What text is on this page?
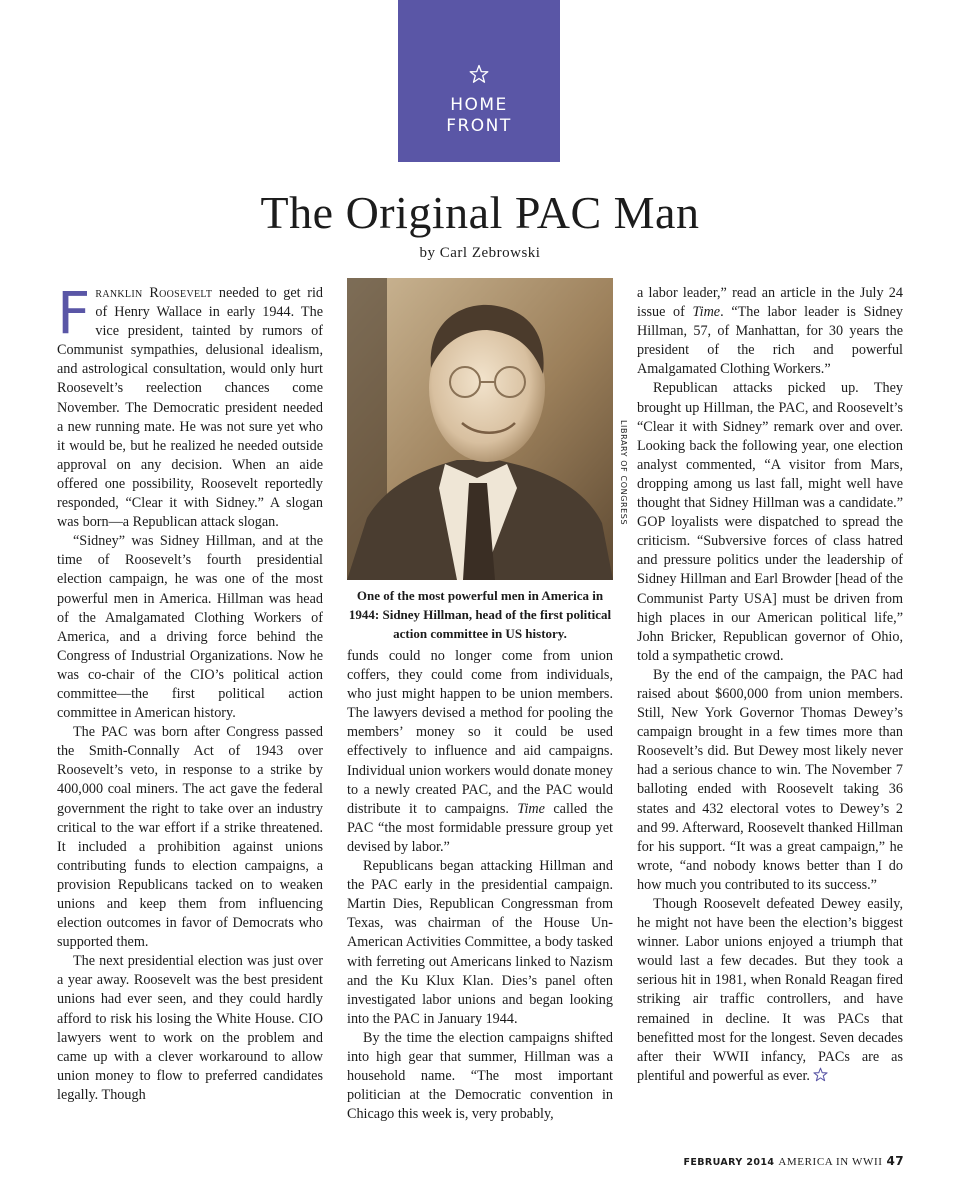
HOME
FRONT
The Original PAC Man
by Carl Zebrowski

Franklin Roosevelt needed to get rid of Henry Wallace in early 1944. The vice president, tainted by rumors of Communist sympathies, delusional idealism, and astrological consultation, would only hurt Roosevelt’s reelection chances come November. The Democratic president needed a new running mate. He was not sure yet who it would be, but he realized he needed outside approval on any decision. When an aide offered one possibility, Roosevelt reportedly responded, “Clear it with Sidney.” A slogan was born—a Republican attack slogan.

“Sidney” was Sidney Hillman, and at the time of Roosevelt’s fourth presidential election campaign, he was one of the most powerful men in America. Hillman was head of the Amalgamated Clothing Workers of America, and a driving force behind the Congress of Industrial Organizations. Now he was co-chair of the CIO’s political action committee—the first political action committee in American history.

The PAC was born after Congress passed the Smith-Connally Act of 1943 over Roosevelt’s veto, in response to a strike by 400,000 coal miners. The act gave the federal government the right to take over an industry critical to the war effort if a strike threatened. It included a prohibition against unions contributing funds to election campaigns, a provision Republicans tacked on to weaken unions and keep them from influencing election outcomes in favor of Democrats who supported them.

The next presidential election was just over a year away. Roosevelt was the best president unions had ever seen, and they could hardly afford to risk his losing the White House. CIO lawyers went to work on the problem and came up with a clever workaround to allow union money to flow to preferred candidates legally. Though

LIBRARY OF CONGRESS
One of the most powerful men in America in 1944: Sidney Hillman, head of the first political action committee in US history.

funds could no longer come from union coffers, they could come from individuals, who just might happen to be union members. The lawyers devised a method for pooling the members’ money so it could be used effectively to influence and aid campaigns. Individual union workers would donate money to a newly created PAC, and the PAC would distribute it to campaigns. Time called the PAC “the most formidable pressure group yet devised by labor.”

Republicans began attacking Hillman and the PAC early in the presidential campaign. Martin Dies, Republican Congressman from Texas, was chairman of the House Un-American Activities Committee, a body tasked with ferreting out Americans linked to Nazism and the Ku Klux Klan. Dies’s panel often investigated labor unions and began looking into the PAC in January 1944.

By the time the election campaigns shifted into high gear that summer, Hillman was a household name. “The most important politician at the Democratic convention in Chicago this week is, very probably,

a labor leader,” read an article in the July 24 issue of Time. “The labor leader is Sidney Hillman, 57, of Manhattan, for 30 years the president of the rich and powerful Amalgamated Clothing Workers.”

Republican attacks picked up. They brought up Hillman, the PAC, and Roosevelt’s “Clear it with Sidney” remark over and over. Looking back the following year, one election analyst commented, “A visitor from Mars, dropping among us last fall, might well have thought that Sidney Hillman was a candidate.” GOP loyalists were dispatched to spread the criticism. “Subversive forces of class hatred and pressure politics under the leadership of Sidney Hillman and Earl Browder [head of the Communist Party USA] must be driven from high places in our American political life,” John Bricker, Republican governor of Ohio, told a sympathetic crowd.

By the end of the campaign, the PAC had raised about $600,000 from union members. Still, New York Governor Thomas Dewey’s campaign brought in a few times more than Roosevelt’s did. But Dewey most likely never had a serious chance to win. The November 7 balloting ended with Roosevelt taking 36 states and 432 electoral votes to Dewey’s 2 and 99. Afterward, Roosevelt thanked Hillman for his support. “It was a great campaign,” he wrote, “and nobody knows better than I do how much you contributed to its success.”

Though Roosevelt defeated Dewey easily, he might not have been the election’s biggest winner. Labor unions enjoyed a triumph that would last a few decades. But they took a serious hit in 1981, when Ronald Reagan fired striking air traffic controllers, and have remained in decline. It was PACs that benefitted most for the longest. Seven decades after their WWII infancy, PACs are as plentiful and powerful as ever.

FEBRUARY 2014 AMERICA IN WWII 47
